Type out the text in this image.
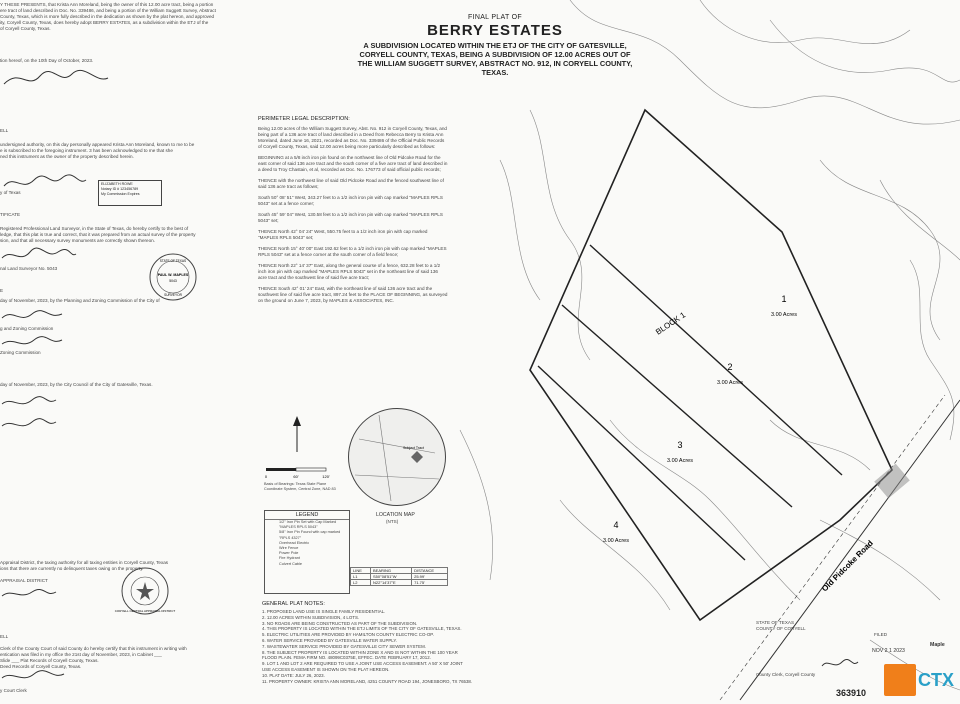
Y THESE PRESENTS, that Krista Ann Moreland, being the owner of this 12.00 acre tract, being a portion
ere tract of land described in Doc. No. 339486, and being a portion of the William Suggett Survey, Abstract
County, Texas, which is more fully described in the dedication as shown by the plat hereon, and approved
ity, Coryell County, Texas, does hereby adopt BERRY ESTATES, as a subdivision within the ETJ of the
of Coryell County, Texas.
tion hereof, on the 10th Day of October, 2023.
ELL
undersigned authority, on this day personally appeared Krista Ann Moreland, known to me to be
e is subscribed to the foregoing instrument. 3 has been acknowledged to me that she
ned this instrument as the owner of the property described herein.
ELIZABETH ROWE
Notary ID # 123456789
My Commission Expires
y of Texas
TIFICATE
Registered Professional Land Surveyor, in the State of Texas, do hereby certify to the best of
ledge, that this plat is true and correct, that it was prepared from an actual survey of the property
sion, and that all necessary survey monuments are correctly shown thereon.
nal Land Surveyor No. 5043
STATE OF TEXAS
PAUL W. MAPLES
5043
SURVEYOR
E
day of November, 2023, by the Planning and Zoning Commission of the City of
g and Zoning Commission
Zoning Commission
day of November, 2023, by the City Council of the City of Gatesville, Texas.
Appraisal District, the taxing authority for all taxing entities in Coryell County, Texas
ions that there are currently no delinquent taxes owing on the property.
APPRAISAL DISTRICT
CORYELL CENTRAL APPRAISAL DISTRICT
ELL
Clerk of the County Court of said County do hereby certify that this instrument in writing with
entication was filed in my office the 21st day of November, 2023, in Cabinet ___
Slide ___ Plat Records of Coryell County, Texas.
Deed Records of Coryell County, Texas.
y Court Clerk
FINAL PLAT OF
BERRY ESTATES
A SUBDIVISION LOCATED WITHIN THE ETJ OF THE CITY OF GATESVILLE, CORYELL COUNTY, TEXAS, BEING A SUBDIVISION OF 12.00 ACRES OUT OF THE WILLIAM SUGGETT SURVEY, ABSTRACT NO. 912, IN CORYELL COUNTY, TEXAS.
PERIMETER LEGAL DESCRIPTION:

Being 12.00 acres of the William Suggett Survey, Abst. No. 912 in Coryell County, Texas, and being part of a 136 acre tract of land described in a Deed from Rebecca Berry to Krista Ann Moreland, dated June 16, 2021, recorded as Doc. No. 339486 of the Official Public Records of Coryell County, Texas, said 12.00 acres being more particularly described as follows:

BEGINNING at a 5/8 inch iron pin found on the northwest line of Old Pidcoke Road for the east corner of said 136 acre tract and the south corner of a five acre tract of land described in a deed to Troy Chastain, et al, recorded as Doc. No. 176773 of said official public records;

THENCE with the northwest line of said Old Pidcoke Road and the fenced southwest line of said 136 acre tract as follows;

South 50° 08' 51" West, 343.27 feet to a 1/2 inch iron pin with cap marked "MAPLES RPLS 5043" set at a fence corner;

South 45° 59' 04" West, 130.58 feet to a 1/2 inch iron pin with cap marked "MAPLES RPLS 5043" set;

THENCE North 42° 04' 24" West, 550.75 feet to a 1/2 inch iron pin with cap marked "MAPLES RPLS 5043" set;

THENCE North 15° 40' 00" East 192.62 feet to a 1/2 inch iron pin with cap marked "MAPLES RPLS 5043" set at a fence corner at the south corner of a field fence;

THENCE North 22° 14' 37" East, along the general course of a fence, 632.28 feet to a 1/2 inch iron pin with cap marked "MAPLES RPLS 5043" set in the northeast line of said 136 acre tract and the southwest line of said five acre tract;

THENCE South 42° 01' 24" East, with the northeast line of said 136 acre tract and the southwest line of said five acre tract, 897.24 feet to the PLACE OF BEGINNING, as surveyed on the ground on June 7, 2023, by MAPLES & ASSOCIATES, INC.

Old Pidcoke Road
BLOCK 1
1
3.00 Acres
2
3.00 Acres
3
3.00 Acres
4
3.00 Acres
Subject Tract
LOCATION MAP
(NTS)
0	60'	120'
Basis of Bearings: Texas State Plane Coordinate System, Central Zone, NAD 83
LEGEND
1/2" Iron Pin Set with Cap Marked "MAPLES RPLS 5043"
5/8" Iron Pin Found with cap marked "RPLS 4327"
Overhead Electric
Wire Fence
Power Pole
Fire Hydrant
Culvert Cable
LINE	BEARING	DISTANCE
L1	S50°08'51"W	25.99'
L2	N22°14'37"E	71.75'
GENERAL PLAT NOTES:
1. PROPOSED LAND USE IS SINGLE FAMILY RESIDENTIAL.
2. 12.00 ACRES WITHIN SUBDIVISION, 4 LOTS.
3. NO ROADS ARE BEING CONSTRUCTED AS PART OF THE SUBDIVISION.
4. THIS PROPERTY IS LOCATED WITHIN THE ETJ LIMITS OF THE CITY OF GATESVILLE, TEXAS.
5. ELECTRIC UTILITIES ARE PROVIDED BY HAMILTON COUNTY ELECTRIC CO-OP.
6. WATER SERVICE PROVIDED BY GATESVILLE WATER SUPPLY.
7. WASTEWATER SERVICE PROVIDED BY GATESVILLE CITY SEWER SYSTEM.
8. THE SUBJECT PROPERTY IS LOCATED WITHIN ZONE X AND IS NOT WITHIN THE 100 YEAR
FLOOD PLAIN. FEMA FIRM NO. 48099C0375E, EFFEC. DATE FEBRUARY 17, 2012.
9. LOT 1 AND LOT 2 ARE REQUIRED TO USE A JOINT USE ACCESS EASEMENT. A 50' X 50' JOINT
USE ACCESS EASEMENT IS SHOWN ON THE PLAT HEREON.
10. PLAT DATE: JULY 26, 2023.
11. PROPERTY OWNER: KRISTA ANN MORELAND, 4251 COUNTY ROAD 194, JONESBORO, TX 76538.
STATE OF TEXAS
COUNTY OF CORYELL
FILED
NOV 2 1 2023
County Clerk, Coryell County
363910
Maple
CTX
